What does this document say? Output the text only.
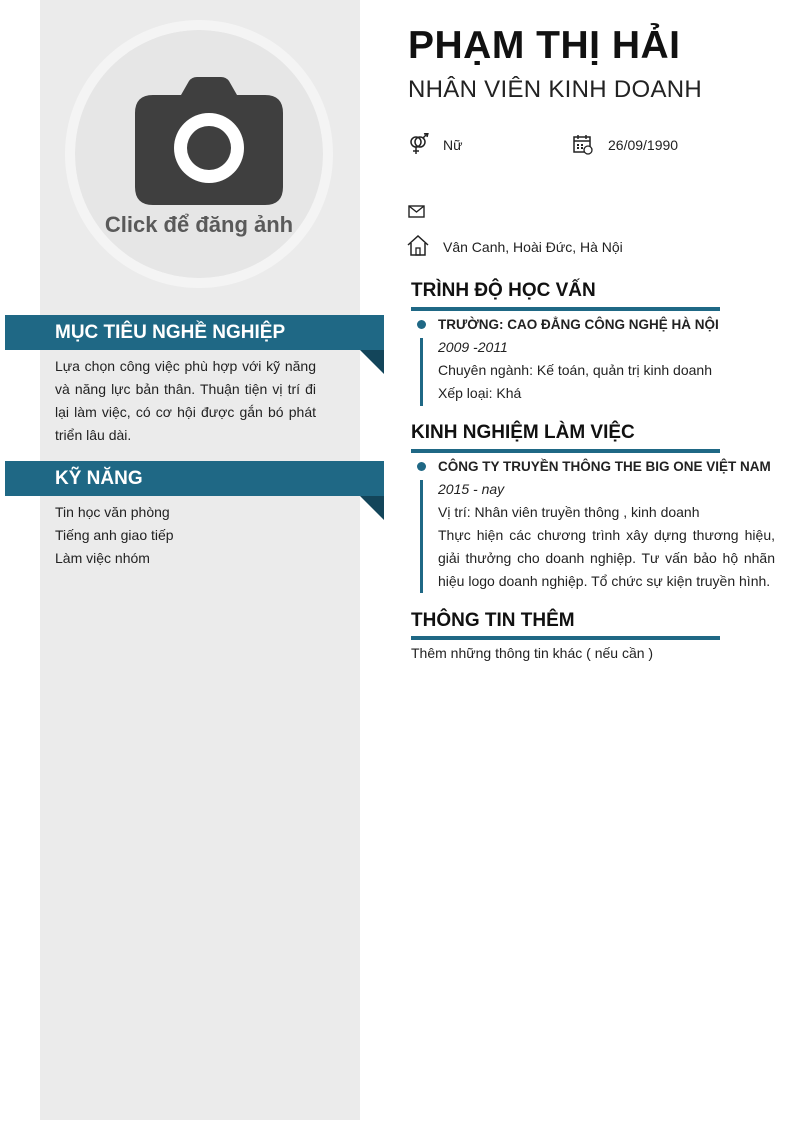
Click để đăng ảnh
MỤC TIÊU NGHỀ NGHIỆP
Lựa chọn công việc phù hợp với kỹ năng và năng lực bản thân. Thuận tiện vị trí đi lại làm việc, có cơ hội được gắn bó phát triển lâu dài.
KỸ NĂNG
Tin học văn phòng
Tiếng anh giao tiếp
Làm việc nhóm
PHẠM THỊ HẢI
NHÂN VIÊN KINH DOANH
Nữ	26/09/1990
Vân Canh, Hoài Đức, Hà Nội
TRÌNH ĐỘ HỌC VẤN
TRƯỜNG: CAO ĐẲNG CÔNG NGHỆ HÀ NỘI
2009 -2011
Chuyên ngành: Kế toán, quản trị kinh doanh
Xếp loại: Khá
KINH NGHIỆM LÀM VIỆC
CÔNG TY TRUYỀN THÔNG THE BIG ONE VIỆT NAM
2015 - nay
Vị trí: Nhân viên truyền thông , kinh doanh
Thực hiện các chương trình xây dựng thương hiệu, giải thưởng cho doanh nghiệp. Tư vấn bảo hộ nhãn hiệu logo doanh nghiệp. Tổ chức sự kiện truyền hình.
THÔNG TIN THÊM
Thêm những thông tin khác ( nếu cần )
